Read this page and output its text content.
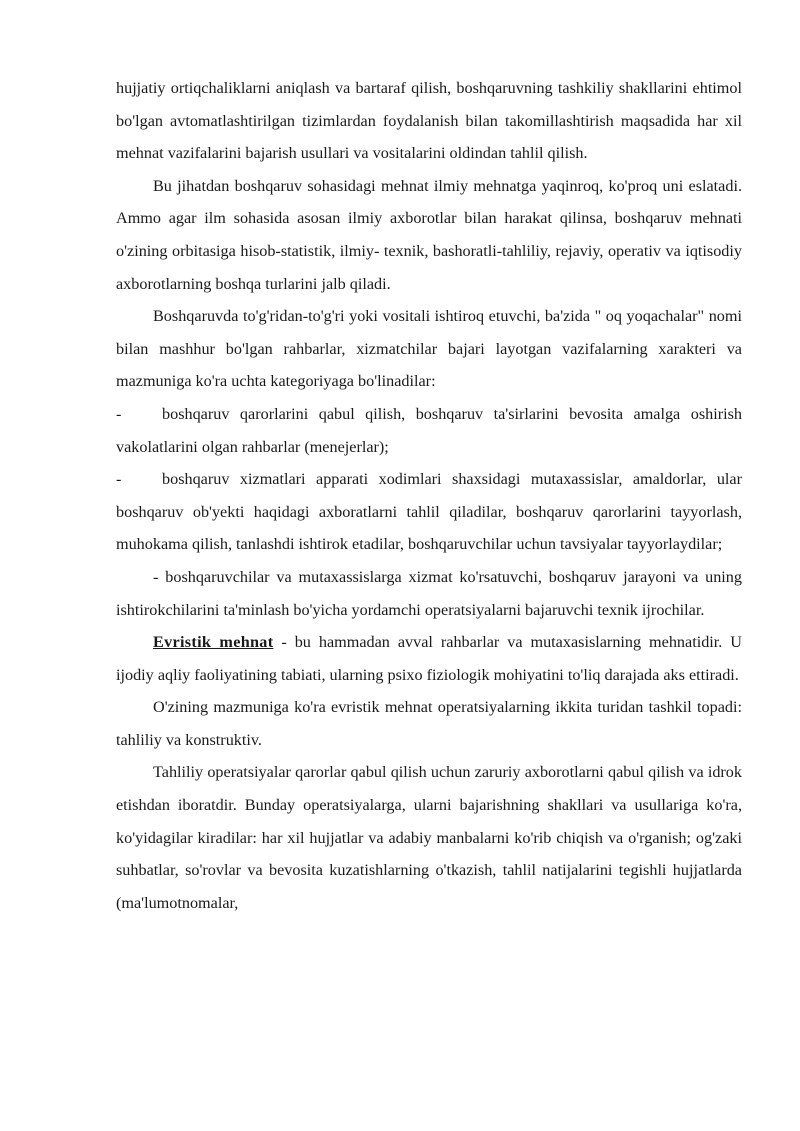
hujjatiy ortiqchaliklarni aniqlash va bartaraf qilish, boshqaruvning tashkiliy shakllarini ehtimol bo'lgan avtomatlashtirilgan tizimlardan foydalanish bilan takomillashtirish maqsadida har xil mehnat vazifalarini bajarish usullari va vositalarini oldindan tahlil qilish.

Bu jihatdan boshqaruv sohasidagi mehnat ilmiy mehnatga yaqinroq, ko'proq uni eslatadi. Ammo agar ilm sohasida asosan ilmiy axborotlar bilan harakat qilinsa, boshqaruv mehnati o'zining orbitasiga hisob-statistik, ilmiy- texnik, bashoratli-tahliliy, rejaviy, operativ va iqtisodiy axborotlarning boshqa turlarini jalb qiladi.

Boshqaruvda to'g'ridan-to'g'ri yoki vositali ishtiroq etuvchi, ba'zida " oq yoqachalar" nomi bilan mashhur bo'lgan rahbarlar, xizmatchilar bajari layotgan vazifalarning xarakteri va mazmuniga ko'ra uchta kategoriyaga bo'linadilar:

-	boshqaruv qarorlarini qabul qilish, boshqaruv ta'sirlarini bevosita amalga oshirish vakolatlarini olgan rahbarlar (menejerlar);

-	boshqaruv xizmatlari apparati xodimlari shaxsidagi mutaxassislar, amaldorlar, ular boshqaruv ob'yekti haqidagi axboratlarni tahlil qiladilar, boshqaruv qarorlarini tayyorlash, muhokama qilish, tanlashdi ishtirok etadilar, boshqaruvchilar uchun tavsiyalar tayyorlaydilar;

- boshqaruvchilar va mutaxassislarga xizmat ko'rsatuvchi, boshqaruv jarayoni va uning ishtirokchilarini ta'minlash bo'yicha yordamchi operatsiyalarni bajaruvchi texnik ijrochilar.

Evristik mehnat - bu hammadan avval rahbarlar va mutaxasislarning mehnatidir. U ijodiy aqliy faoliyatining tabiati, ularning psixo fiziologik mohiyatini to'liq darajada aks ettiradi.

O'zining mazmuniga ko'ra evristik mehnat operatsiyalarning ikkita turidan tashkil topadi: tahliliy va konstruktiv.

Tahliliy operatsiyalar qarorlar qabul qilish uchun zaruriy axborotlarni qabul qilish va idrok etishdan iboratdir. Bunday operatsiyalarga, ularni bajarishning shakllari va usullariga ko'ra, ko'yidagilar kiradilar: har xil hujjatlar va adabiy manbalarni ko'rib chiqish va o'rganish; og'zaki suhbatlar, so'rovlar va bevosita kuzatishlarning o'tkazish, tahlil natijalarini tegishli hujjatlarda (ma'lumotnomalar,
